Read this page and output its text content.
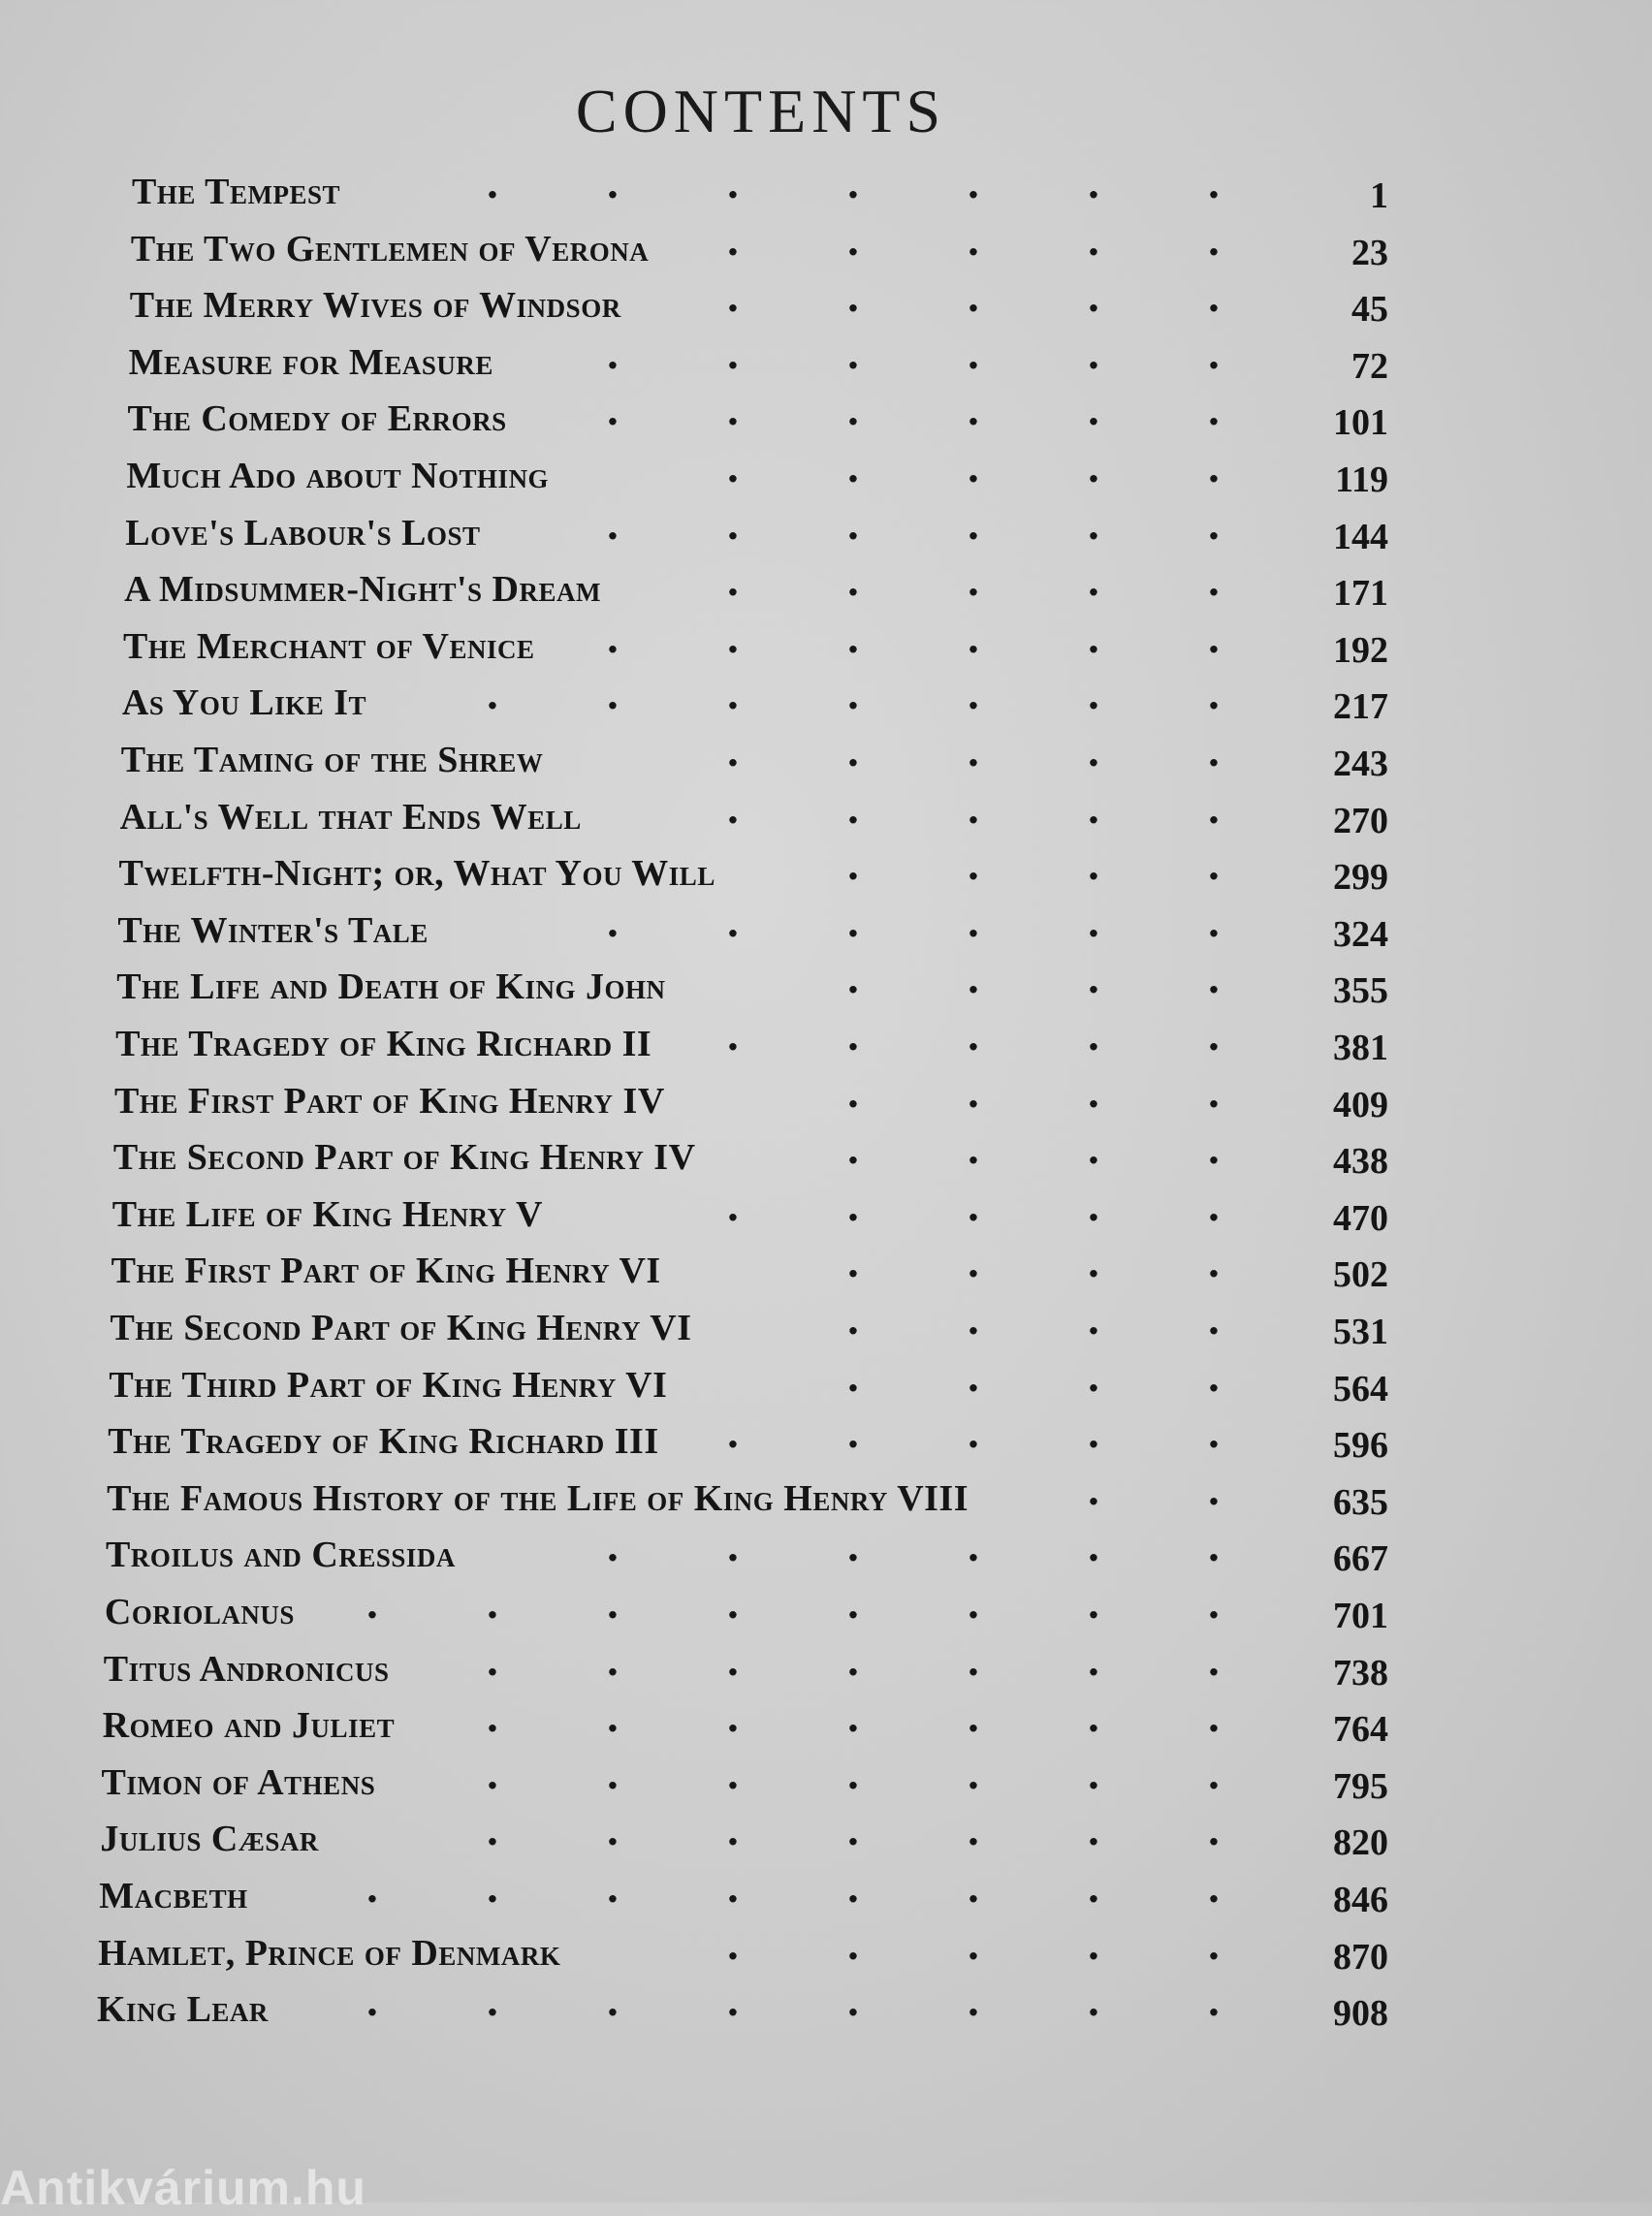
CONTENTS
The Tempest	.......	1
The Two Gentlemen of Verona	.....	23
The Merry Wives of Windsor	.....	45
Measure for Measure	......	72
The Comedy of Errors	......	101
Much Ado about Nothing	.....	119
Love's Labour's Lost	......	144
A Midsummer-Night's Dream	.....	171
The Merchant of Venice	......	192
As You Like It	.......	217
The Taming of the Shrew	.....	243
All's Well that Ends Well	.....	270
Twelfth-Night; or, What You Will	....	299
The Winter's Tale	......	324
The Life and Death of King John	....	355
The Tragedy of King Richard II	.....	381
The First Part of King Henry IV	....	409
The Second Part of King Henry IV	....	438
The Life of King Henry V	.....	470
The First Part of King Henry VI	....	502
The Second Part of King Henry VI	....	531
The Third Part of King Henry VI	....	564
The Tragedy of King Richard III	.....	596
The Famous History of the Life of King Henry VIII	..	635
Troilus and Cressida	......	667
Coriolanus	........	701
Titus Andronicus	.......	738
Romeo and Juliet	.......	764
Timon of Athens	.......	795
Julius Cæsar	.......	820
Macbeth	........	846
Hamlet, Prince of Denmark	.....	870
King Lear	........	908
Antikvárium.hu
